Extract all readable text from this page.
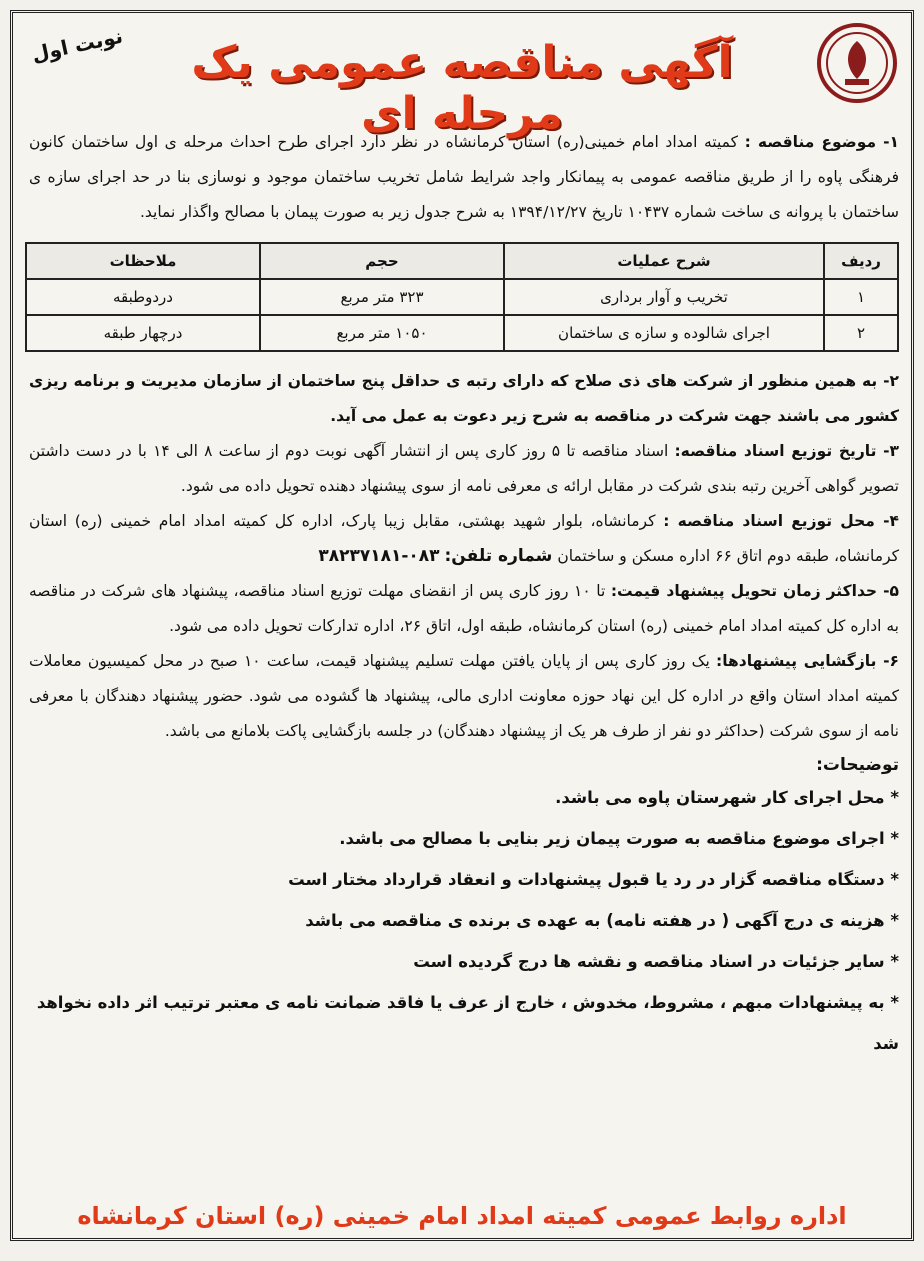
آگهی مناقصه عمومی یک مرحله ای
نوبت اول

۱- موضوع مناقصه : کمیته امداد امام خمینی(ره) استان کرمانشاه در نظر دارد اجرای طرح احداث مرحله ی اول ساختمان کانون فرهنگی پاوه را از طریق مناقصه عمومی به پیمانکار واجد شرایط شامل تخریب ساختمان موجود و نوسازی بنا در حد اجرای سازه ی ساختمان با پروانه ی ساخت شماره ۱۰۴۳۷ تاریخ ۱۳۹۴/۱۲/۲۷ به شرح جدول زیر به صورت پیمان با مصالح واگذار نماید.

ردیف	شرح عملیات	حجم	ملاحظات
۱	تخریب و آوار برداری	۳۲۳ متر مربع	دردوطبقه
۲	اجرای شالوده و سازه ی ساختمان	۱۰۵۰ متر مربع	درچهار طبقه

۲- به همین منظور از شرکت های ذی صلاح که دارای رتبه ی حداقل پنج ساختمان از سازمان مدیریت و برنامه ریزی کشور می باشند جهت شرکت در مناقصه به شرح زیر دعوت به عمل می آید.

۳- تاریخ توزیع اسناد مناقصه: اسناد مناقصه تا ۵ روز کاری پس از انتشار آگهی نوبت دوم از ساعت ۸ الی ۱۴ با در دست داشتن تصویر گواهی آخرین رتبه بندی شرکت در مقابل ارائه ی معرفی نامه از سوی پیشنهاد دهنده تحویل داده می شود.

۴- محل توزیع اسناد مناقصه : کرمانشاه، بلوار شهید بهشتی، مقابل زیبا پارک، اداره کل کمیته امداد امام خمینی (ره) استان کرمانشاه، طبقه دوم اتاق ۶۶ اداره مسکن و ساختمان شماره تلفن: ۰۸۳-۳۸۲۳۷۱۸۱

۵- حداکثر زمان تحویل پیشنهاد قیمت: تا ۱۰ روز کاری پس از انقضای مهلت توزیع اسناد مناقصه، پیشنهاد های شرکت در مناقصه به اداره کل کمیته امداد امام خمینی (ره) استان کرمانشاه، طبقه اول، اتاق ۲۶، اداره تدارکات تحویل داده می شود.

۶- بازگشایی پیشنهادها: یک روز کاری پس از پایان یافتن مهلت تسلیم پیشنهاد قیمت، ساعت ۱۰ صبح در محل کمیسیون معاملات کمیته امداد استان واقع در اداره کل این نهاد حوزه معاونت اداری مالی، پیشنهاد ها گشوده می شود. حضور پیشنهاد دهندگان با معرفی نامه از سوی شرکت (حداکثر دو نفر از طرف هر یک از پیشنهاد دهندگان) در جلسه بازگشایی پاکت بلامانع می باشد.

توضیحات:
* محل اجرای کار شهرستان پاوه می باشد.
* اجرای موضوع مناقصه به صورت پیمان زیر بنایی با مصالح می باشد.
* دستگاه مناقصه گزار در رد یا قبول پیشنهادات و انعقاد قرارداد مختار است
* هزینه ی درج آگهی ( در هفته نامه) به عهده ی برنده ی مناقصه می باشد
* سایر جزئیات در اسناد مناقصه و نقشه ها درج گردیده است
* به پیشنهادات مبهم ، مشروط، مخدوش ، خارج از عرف یا فاقد ضمانت نامه ی معتبر ترتیب اثر داده نخواهد شد
اداره روابط عمومی کمیته امداد امام خمینی (ره) استان کرمانشاه
